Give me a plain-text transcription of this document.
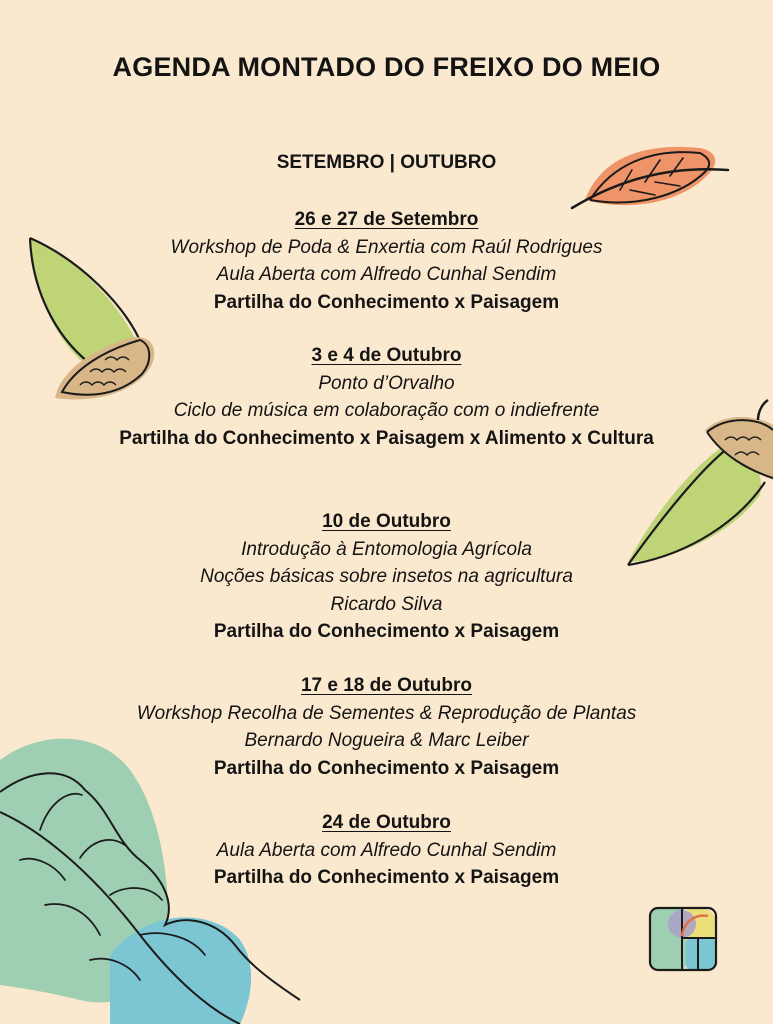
AGENDA MONTADO DO FREIXO DO MEIO
SETEMBRO | OUTUBRO
26 e 27 de Setembro
Workshop de Poda & Enxertia com Raúl Rodrigues
Aula Aberta com Alfredo Cunhal Sendim
Partilha do Conhecimento x Paisagem
3 e 4 de Outubro
Ponto d’Orvalho
Ciclo de música em colaboração com o indiefrente
Partilha do Conhecimento x Paisagem x Alimento x Cultura
10 de Outubro
Introdução à Entomologia Agrícola
Noções básicas sobre insetos na agricultura
Ricardo Silva
Partilha do Conhecimento x Paisagem
17 e 18 de Outubro
Workshop Recolha de Sementes & Reprodução de Plantas
Bernardo Nogueira & Marc Leiber
Partilha do Conhecimento x Paisagem
24 de Outubro
Aula Aberta com Alfredo Cunhal Sendim
Partilha do Conhecimento x Paisagem
